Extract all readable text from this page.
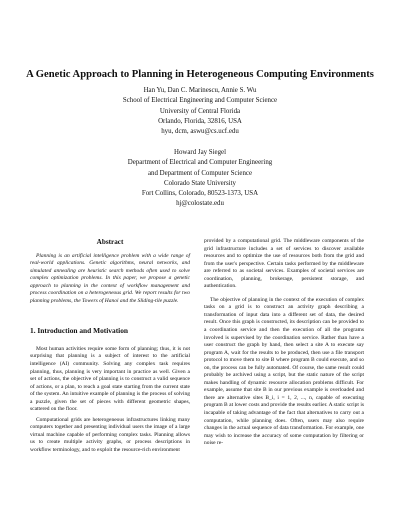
A Genetic Approach to Planning in Heterogeneous Computing Environments
Han Yu, Dan C. Marinescu, Annie S. Wu
School of Electrical Engineering and Computer Science
University of Central Florida
Orlando, Florida, 32816, USA
hyu, dcm, aswu@cs.ucf.edu
Howard Jay Siegel
Department of Electrical and Computer Engineering
and Department of Computer Science
Colorado State University
Fort Collins, Colorado, 80523-1373, USA
hj@colostate.edu
Abstract

Planning is an artificial intelligence problem with a wide range of real-world applications. Genetic algorithms, neural networks, and simulated annealing are heuristic search methods often used to solve complex optimization problems. In this paper, we propose a genetic approach to planning in the context of workflow management and process coordination on a heterogeneous grid. We report results for two planning problems, the Towers of Hanoi and the Sliding-tile puzzle.

1. Introduction and Motivation

Most human activities require some form of planning; thus, it is not surprising that planning is a subject of interest to the artificial intelligence (AI) community. Solving any complex task requires planning, thus, planning is very important in practice as well. Given a set of actions, the objective of planning is to construct a valid sequence of actions, or a plan, to reach a goal state starting from the current state of the system. An intuitive example of planning is the process of solving a puzzle, given the set of pieces with different geometric shapes, scattered on the floor.

Computational grids are heterogeneous infrastructures linking many computers together and presenting individual users the image of a large virtual machine capable of performing complex tasks. Planning allows us to create multiple activity graphs, or process descriptions in workflow terminology, and to exploit the resource-rich environment

provided by a computational grid. The middleware components of the grid infrastructure includes a set of services to discover available resources and to optimize the use of resources both from the grid and from the user's perspective. Certain tasks performed by the middleware are referred to as societal services. Examples of societal services are coordination, planning, brokerage, persistent storage, and authentication.

The objective of planning in the context of the execution of complex tasks on a grid is to construct an activity graph describing a transformation of input data into a different set of data, the desired result. Once this graph is constructed, its description can be provided to a coordination service and then the execution of all the programs involved is supervised by the coordination service. Rather than have a user construct the graph by hand, then select a site A to execute say program A, wait for the results to be produced, then use a file transport protocol to move them to site B where program B could execute, and so on, the process can be fully automated. Of course, the same result could probably be archived using a script, but the static nature of the script makes handling of dynamic resource allocation problems difficult. For example, assume that site B in our previous example is overloaded and there are alternative sites B_i, i = 1, 2, ..., n, capable of executing program B at lower costs and provide the results earlier. A static script is incapable of taking advantage of the fact that alternatives to carry out a computation, while planning does. Often, users may also require changes in the actual sequence of data transformation. For example, one may wish to increase the accuracy of some computation by filtering or noise re-
